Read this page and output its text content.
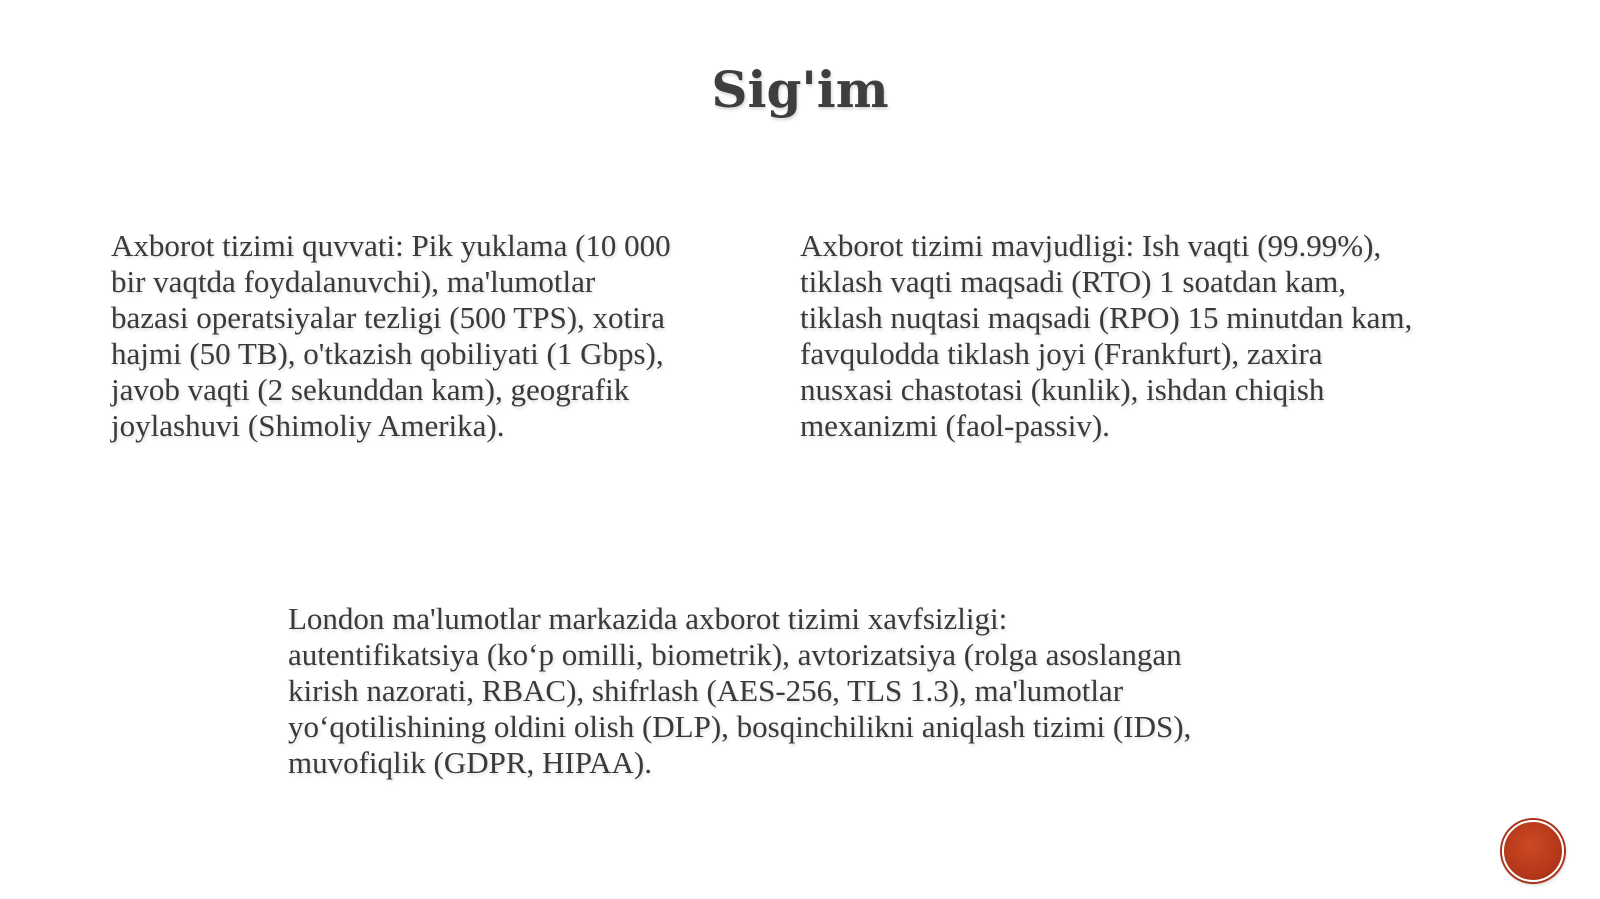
Sig'im
Axborot tizimi quvvati: Pik yuklama (10 000
bir vaqtda foydalanuvchi), ma'lumotlar
bazasi operatsiyalar tezligi (500 TPS), xotira
hajmi (50 TB), o'tkazish qobiliyati (1 Gbps),
javob vaqti (2 sekunddan kam), geografik
joylashuvi (Shimoliy Amerika).
Axborot tizimi mavjudligi: Ish vaqti (99.99%),
tiklash vaqti maqsadi (RTO) 1 soatdan kam,
tiklash nuqtasi maqsadi (RPO) 15 minutdan kam,
favqulodda tiklash joyi (Frankfurt), zaxira
nusxasi chastotasi (kunlik), ishdan chiqish
mexanizmi (faol-passiv).
London ma'lumotlar markazida axborot tizimi xavfsizligi:
autentifikatsiya (koʻp omilli, biometrik), avtorizatsiya (rolga asoslangan
kirish nazorati, RBAC), shifrlash (AES-256, TLS 1.3), ma'lumotlar
yoʻqotilishining oldini olish (DLP), bosqinchilikni aniqlash tizimi (IDS),
muvofiqlik (GDPR, HIPAA).
